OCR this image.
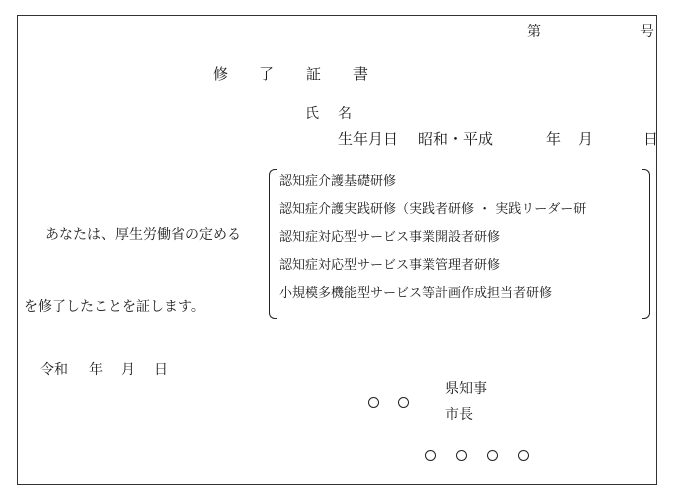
第	号
修 了 証 書
氏 名
生年月日 昭和・平成	年 月	日
あなたは、厚生労働省の定める
を修了したことを証します。
認知症介護基礎研修
認知症介護実践研修（実践者研修 ・ 実践リーダー研
認知症対応型サービス事業開設者研修
認知症対応型サービス事業管理者研修
小規模多機能型サービス等計画作成担当者研修
令和 年 月 日
県知事
市長
